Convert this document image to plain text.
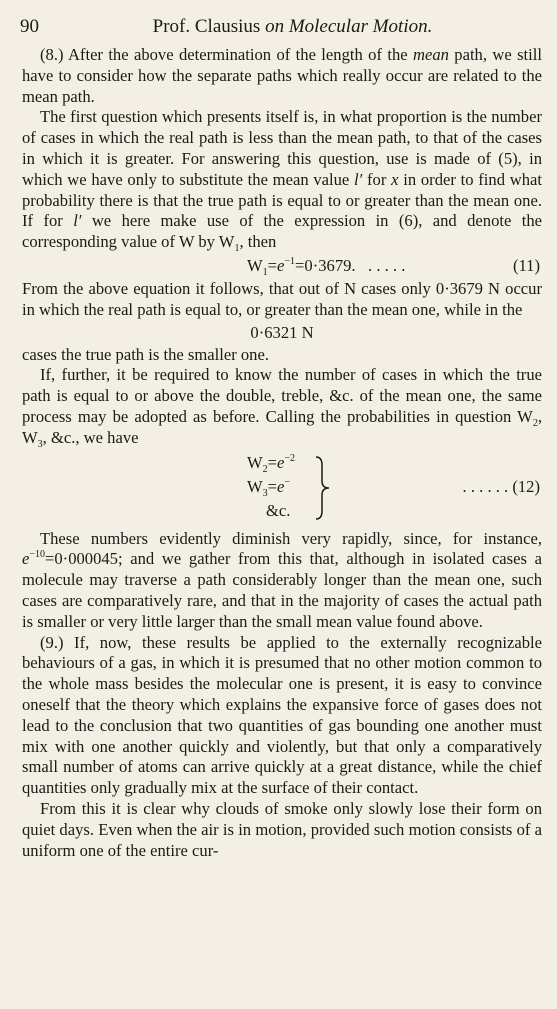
90	Prof. Clausius on Molecular Motion.

(8.) After the above determination of the length of the mean path, we still have to consider how the separate paths which really occur are related to the mean path.

The first question which presents itself is, in what proportion is the number of cases in which the real path is less than the mean path, to that of the cases in which it is greater. For answering this question, use is made of (5), in which we have only to substitute the mean value l′ for x in order to find what probability there is that the true path is equal to or greater than the mean one. If for l′ we here make use of the expression in (6), and denote the corresponding value of W by $W_1$, then

$W_1=e^{-1}=0\cdot 3679$. . . . . .	(11)

From the above equation it follows, that out of N cases only 0·3679 N occur in which the real path is equal to, or greater than the mean one, while in the

0·6321 N

cases the true path is the smaller one.

If, further, it be required to know the number of cases in which the true path is equal to or above the double, treble, &c. of the mean one, the same process may be adopted as before. Calling the probabilities in question $W_2$, $W_3$, &c., we have

$W_2=e^{-2}$
$W_3=e^-$
&c.
. . . . . . (12)

These numbers evidently diminish very rapidly, since, for instance, $e^{-10}=0\cdot 000045$; and we gather from this that, although in isolated cases a molecule may traverse a path considerably longer than the mean one, such cases are comparatively rare, and that in the majority of cases the actual path is smaller or very little larger than the small mean value found above.

(9.) If, now, these results be applied to the externally recognizable behaviours of a gas, in which it is presumed that no other motion common to the whole mass besides the molecular one is present, it is easy to convince oneself that the theory which explains the expansive force of gases does not lead to the conclusion that two quantities of gas bounding one another must mix with one another quickly and violently, but that only a comparatively small number of atoms can arrive quickly at a great distance, while the chief quantities only gradually mix at the surface of their contact.

From this it is clear why clouds of smoke only slowly lose their form on quiet days. Even when the air is in motion, provided such motion consists of a uniform one of the entire cur-
